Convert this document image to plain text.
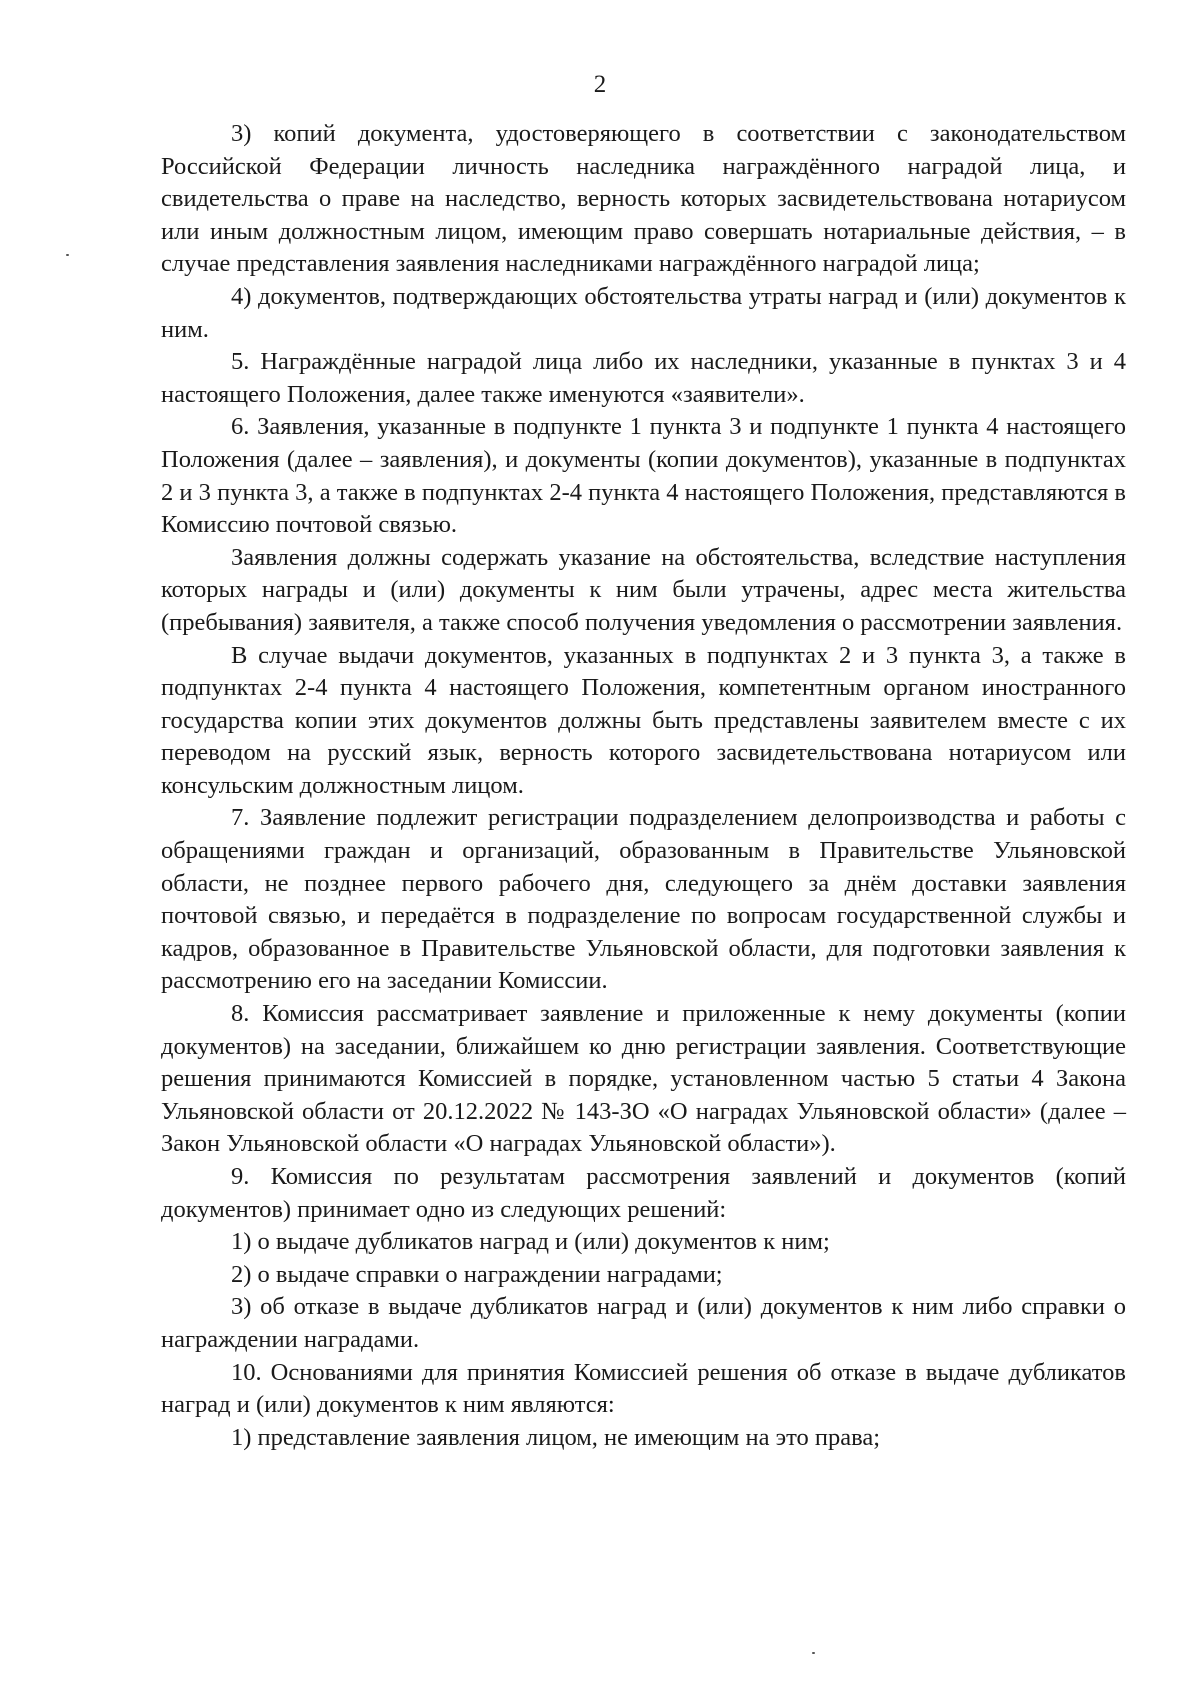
2

3) копий документа, удостоверяющего в соответствии с законодательством Российской Федерации личность наследника награждённого наградой лица, и свидетельства о праве на наследство, верность которых засвидетельствована нотариусом или иным должностным лицом, имеющим право совершать нотариальные действия, – в случае представления заявления наследниками награждённого наградой лица;

4) документов, подтверждающих обстоятельства утраты наград и (или) документов к ним.

5. Награждённые наградой лица либо их наследники, указанные в пунктах 3 и 4 настоящего Положения, далее также именуются «заявители».

6. Заявления, указанные в подпункте 1 пункта 3 и подпункте 1 пункта 4 настоящего Положения (далее – заявления), и документы (копии документов), указанные в подпунктах 2 и 3 пункта 3, а также в подпунктах 2-4 пункта 4 настоящего Положения, представляются в Комиссию почтовой связью.

Заявления должны содержать указание на обстоятельства, вследствие наступления которых награды и (или) документы к ним были утрачены, адрес места жительства (пребывания) заявителя, а также способ получения уведомления о рассмотрении заявления.

В случае выдачи документов, указанных в подпунктах 2 и 3 пункта 3, а также в подпунктах 2-4 пункта 4 настоящего Положения, компетентным органом иностранного государства копии этих документов должны быть представлены заявителем вместе с их переводом на русский язык, верность которого засвидетельствована нотариусом или консульским должностным лицом.

7. Заявление подлежит регистрации подразделением делопроизводства и работы с обращениями граждан и организаций, образованным в Правительстве Ульяновской области, не позднее первого рабочего дня, следующего за днём доставки заявления почтовой связью, и передаётся в подразделение по вопросам государственной службы и кадров, образованное в Правительстве Ульяновской области, для подготовки заявления к рассмотрению его на заседании Комиссии.

8. Комиссия рассматривает заявление и приложенные к нему документы (копии документов) на заседании, ближайшем ко дню регистрации заявления. Соответствующие решения принимаются Комиссией в порядке, установленном частью 5 статьи 4 Закона Ульяновской области от 20.12.2022 № 143-ЗО «О наградах Ульяновской области» (далее – Закон Ульяновской области «О наградах Ульяновской области»).

9. Комиссия по результатам рассмотрения заявлений и документов (копий документов) принимает одно из следующих решений:

1) о выдаче дубликатов наград и (или) документов к ним;

2) о выдаче справки о награждении наградами;

3) об отказе в выдаче дубликатов наград и (или) документов к ним либо справки о награждении наградами.

10. Основаниями для принятия Комиссией решения об отказе в выдаче дубликатов наград и (или) документов к ним являются:

1) представление заявления лицом, не имеющим на это права;
